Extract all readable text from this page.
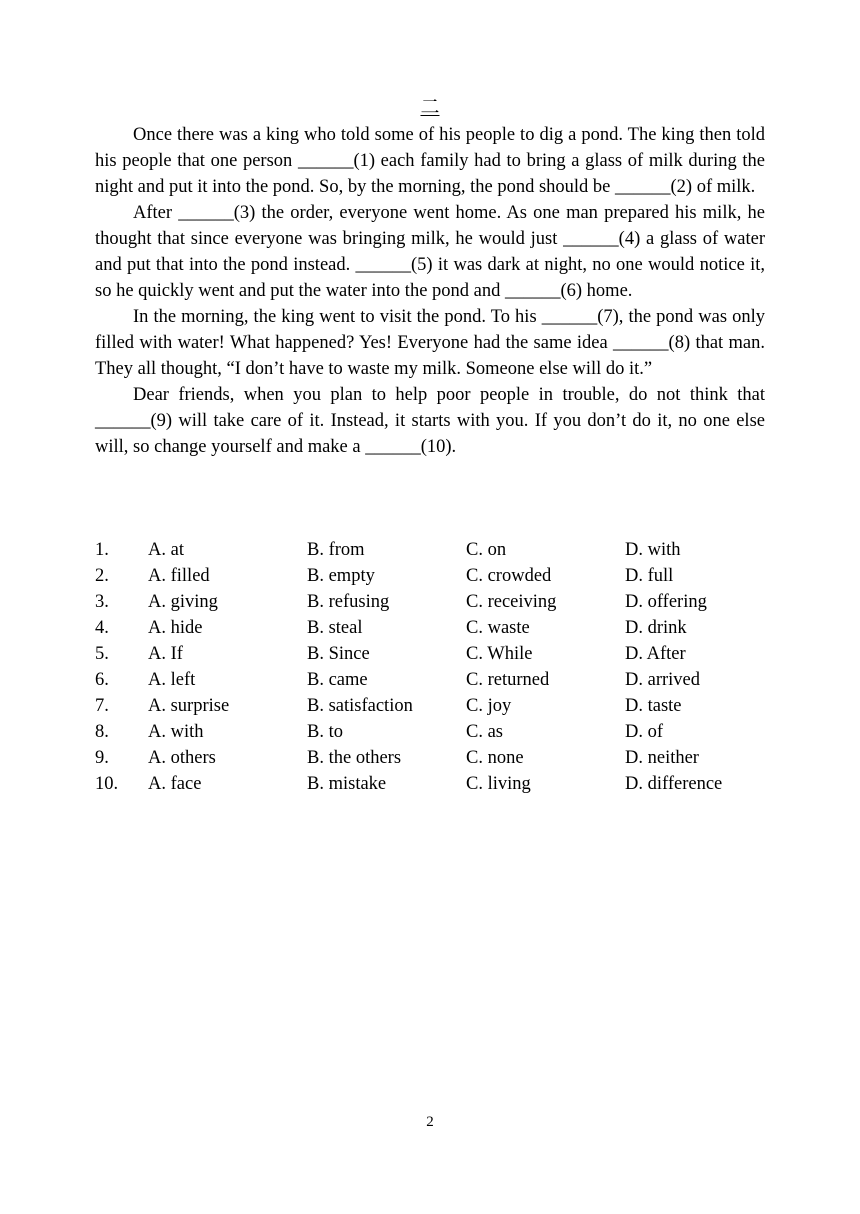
二

Once there was a king who told some of his people to dig a pond. The king then told his people that one person ______(1) each family had to bring a glass of milk during the night and put it into the pond. So, by the morning, the pond should be ______(2) of milk.

After ______(3) the order, everyone went home. As one man prepared his milk, he thought that since everyone was bringing milk, he would just ______(4) a glass of water and put that into the pond instead. ______(5) it was dark at night, no one would notice it, so he quickly went and put the water into the pond and ______(6) home.

In the morning, the king went to visit the pond. To his ______(7), the pond was only filled with water! What happened? Yes! Everyone had the same idea ______(8) that man. They all thought, “I don’t have to waste my milk. Someone else will do it.”

Dear friends, when you plan to help poor people in trouble, do not think that ______(9) will take care of it. Instead, it starts with you. If you don’t do it, no one else will, so change yourself and make a ______(10).

1. A. at	B. from	C. on	D. with
2. A. filled	B. empty	C. crowded	D. full
3. A. giving	B. refusing	C. receiving	D. offering
4. A. hide	B. steal	C. waste	D. drink
5. A. If	B. Since	C. While	D. After
6. A. left	B. came	C. returned	D. arrived
7. A. surprise	B. satisfaction	C. joy	D. taste
8. A. with	B. to	C. as	D. of
9. A. others	B. the others	C. none	D. neither
10. A. face	B. mistake	C. living	D. difference
2
